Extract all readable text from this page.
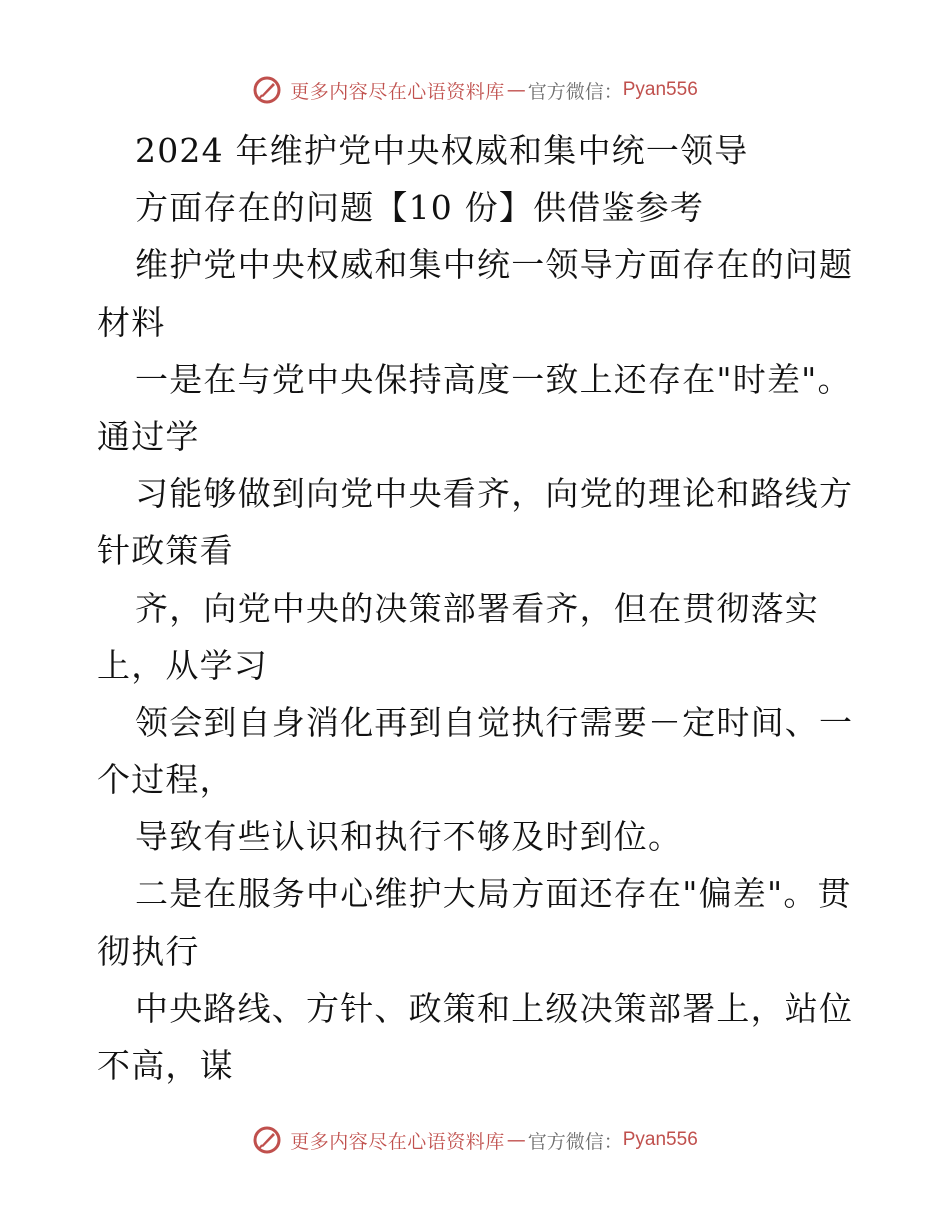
更多内容尽在心语资料库 — 官方微信： Pyan556
2024 年维护党中央权威和集中统一领导
方面存在的问题【10 份】供借鉴参考
维护党中央权威和集中统一领导方面存在的问题
材料
一是在与党中央保持高度一致上还存在"时差"。
通过学
习能够做到向党中央看齐，向党的理论和路线方
针政策看
齐，向党中央的决策部署看齐，但在贯彻落实
上，从学习
领会到自身消化再到自觉执行需要－定时间、一
个过程，
导致有些认识和执行不够及时到位。
二是在服务中心维护大局方面还存在"偏差"。贯
彻执行
中央路线、方针、政策和上级决策部署上，站位
不高，谋
更多内容尽在心语资料库 — 官方微信： Pyan556
